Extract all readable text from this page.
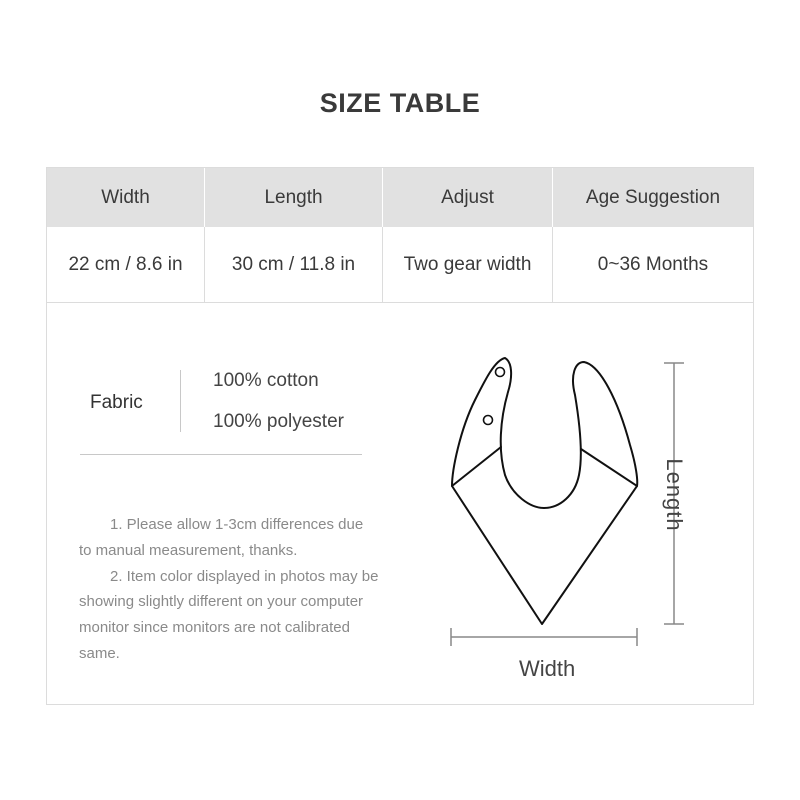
SIZE TABLE
Width	Length	Adjust	Age Suggestion
22 cm / 8.6 in	30 cm / 11.8 in	Two gear width	0~36 Months
Fabric
100% cotton
100% polyester

1. Please allow 1-3cm differences due to manual measurement, thanks.

2. Item color displayed in photos may be showing slightly different on your computer monitor since monitors are not calibrated same.

Width
Length
